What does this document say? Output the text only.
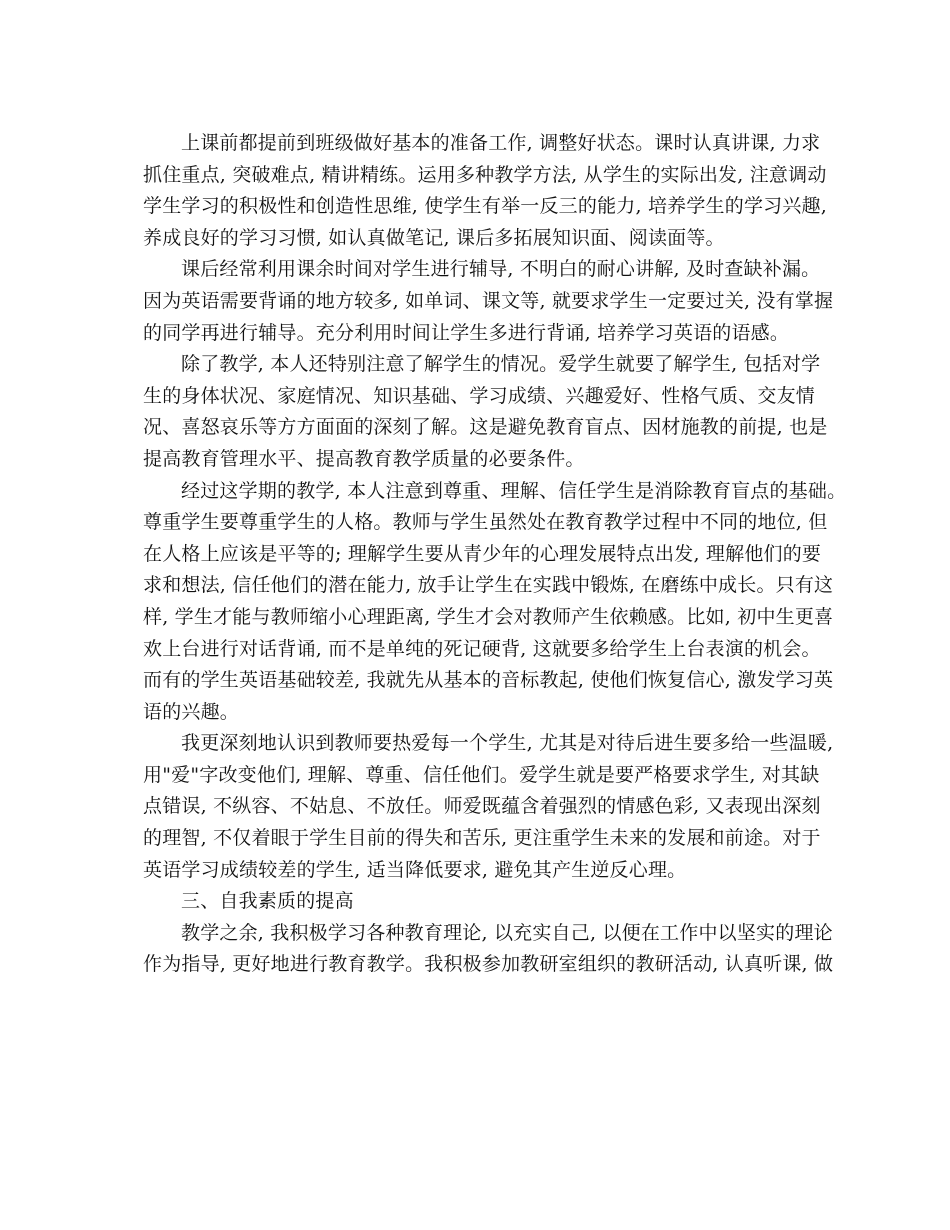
上课前都提前到班级做好基本的准备工作, 调整好状态。课时认真讲课, 力求
抓住重点, 突破难点, 精讲精练。运用多种教学方法, 从学生的实际出发, 注意调动
学生学习的积极性和创造性思维, 使学生有举一反三的能力, 培养学生的学习兴趣,
养成良好的学习习惯, 如认真做笔记, 课后多拓展知识面、阅读面等。
课后经常利用课余时间对学生进行辅导, 不明白的耐心讲解, 及时查缺补漏。
因为英语需要背诵的地方较多, 如单词、课文等, 就要求学生一定要过关, 没有掌握
的同学再进行辅导。充分利用时间让学生多进行背诵, 培养学习英语的语感。
除了教学, 本人还特别注意了解学生的情况。爱学生就要了解学生, 包括对学
生的身体状况、家庭情况、知识基础、学习成绩、兴趣爱好、性格气质、交友情
况、喜怒哀乐等方方面面的深刻了解。这是避免教育盲点、因材施教的前提, 也是
提高教育管理水平、提高教育教学质量的必要条件。
经过这学期的教学, 本人注意到尊重、理解、信任学生是消除教育盲点的基础。
尊重学生要尊重学生的人格。教师与学生虽然处在教育教学过程中不同的地位, 但
在人格上应该是平等的; 理解学生要从青少年的心理发展特点出发, 理解他们的要
求和想法, 信任他们的潜在能力, 放手让学生在实践中锻炼, 在磨练中成长。只有这
样, 学生才能与教师缩小心理距离, 学生才会对教师产生依赖感。比如, 初中生更喜
欢上台进行对话背诵, 而不是单纯的死记硬背, 这就要多给学生上台表演的机会。
而有的学生英语基础较差, 我就先从基本的音标教起, 使他们恢复信心, 激发学习英
语的兴趣。
我更深刻地认识到教师要热爱每一个学生, 尤其是对待后进生要多给一些温暖,
用"爱"字改变他们, 理解、尊重、信任他们。爱学生就是要严格要求学生, 对其缺
点错误, 不纵容、不姑息、不放任。师爱既蕴含着强烈的情感色彩, 又表现出深刻
的理智, 不仅着眼于学生目前的得失和苦乐, 更注重学生未来的发展和前途。对于
英语学习成绩较差的学生, 适当降低要求, 避免其产生逆反心理。
三、自我素质的提高
教学之余, 我积极学习各种教育理论, 以充实自己, 以便在工作中以坚实的理论
作为指导, 更好地进行教育教学。我积极参加教研室组织的教研活动, 认真听课, 做
